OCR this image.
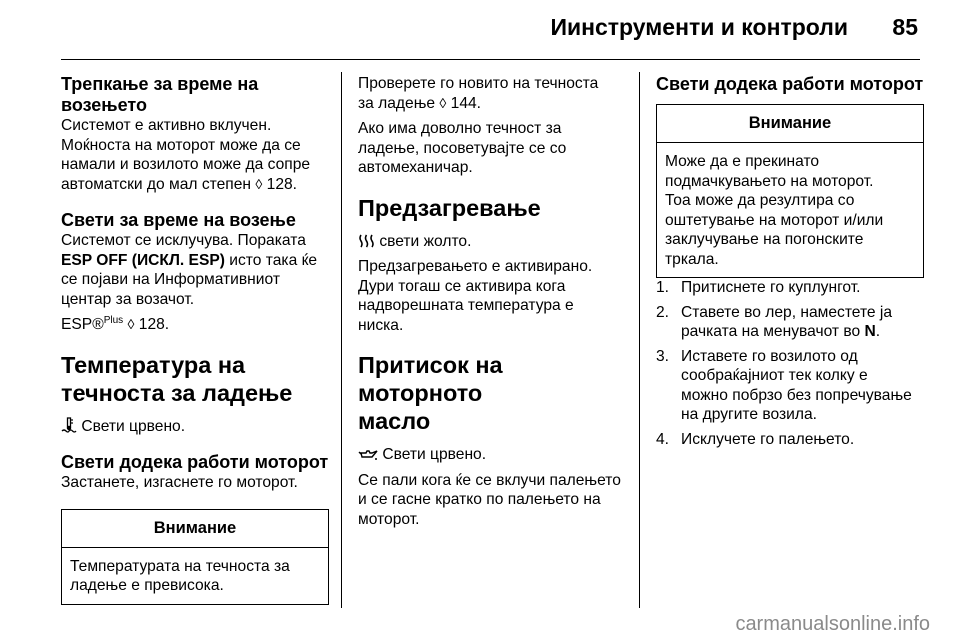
Иинструменти и контроли 85

Трепкање за време на
возењето

Системот е активно вклучен.
Моќноста на моторот може да се
намали и возилото може да сопре
автоматски до мал степен ◊ 128.

Свети за време на возење

Системот се исклучува. Пораката
ESP OFF (ИСКЛ. ESP) исто така ќе
се појави на Информативниот
центар за возачот.

ESP®$^{Plus}$ ◊ 128.

Температура на
течноста за ладење

Свети црвено.

Свети додека работи моторот

Застанете, изгаснете го моторот.

Внимание
Температурата на течноста за
ладење е превисока.

Проверете го новито на течноста
за ладење ◊ 144.

Ако има доволно течност за
ладење, посоветувајте се со
автомеханичар.

Предзагревање

свети жолто.

Предзагревањето е активирано.
Дури тогаш се активира кога
надворешната температура е
ниска.

Притисок на моторното
масло

Свети црвено.

Се пали кога ќе се вклучи палењето
и се гасне кратко по палењето на
моторот.

Свети додека работи моторот

Внимание
Може да е прекинато
подмачкувањето на моторот.
Тоа може да резултира со
оштетување на моторот и/или
заклучување на погонските
тркала.
1. Притиснете го куплунгот.
2. Ставете во лер, наместете ја
рачката на менувачот во N.
3. Иставете го возилото од
сообраќајниот тек колку е
можно побрзо без попречување
на другите возила.
4. Исклучете го палењето.
carmanualsonline.info
